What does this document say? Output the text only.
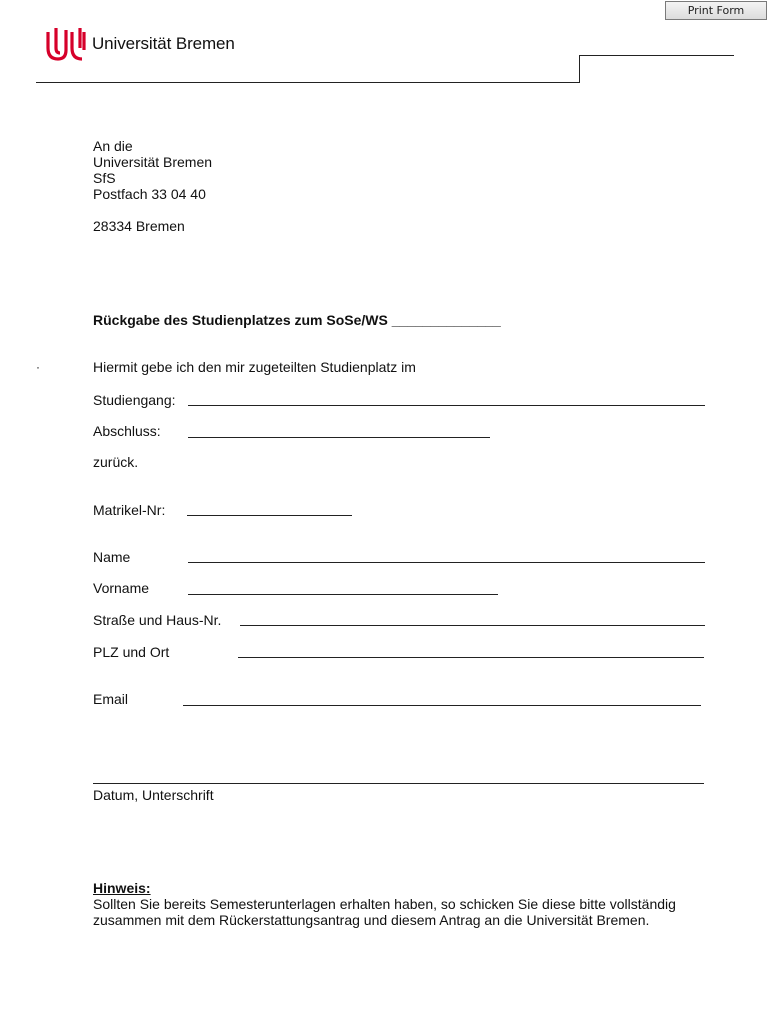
Print Form
Universität Bremen
An die
Universität Bremen
SfS
Postfach 33 04 40
28334 Bremen
Rückgabe des Studienplatzes zum SoSe/WS ______________
·	Hiermit gebe ich den mir zugeteilten Studienplatz im
Studiengang:
Abschluss:
zurück.
Matrikel-Nr:
Name
Vorname
Straße und Haus-Nr.
PLZ und Ort
Email
Datum, Unterschrift
Hinweis:
Sollten Sie bereits Semesterunterlagen erhalten haben, so schicken Sie diese bitte vollständig zusammen mit dem Rückerstattungsantrag und diesem Antrag an die Universität Bremen.
